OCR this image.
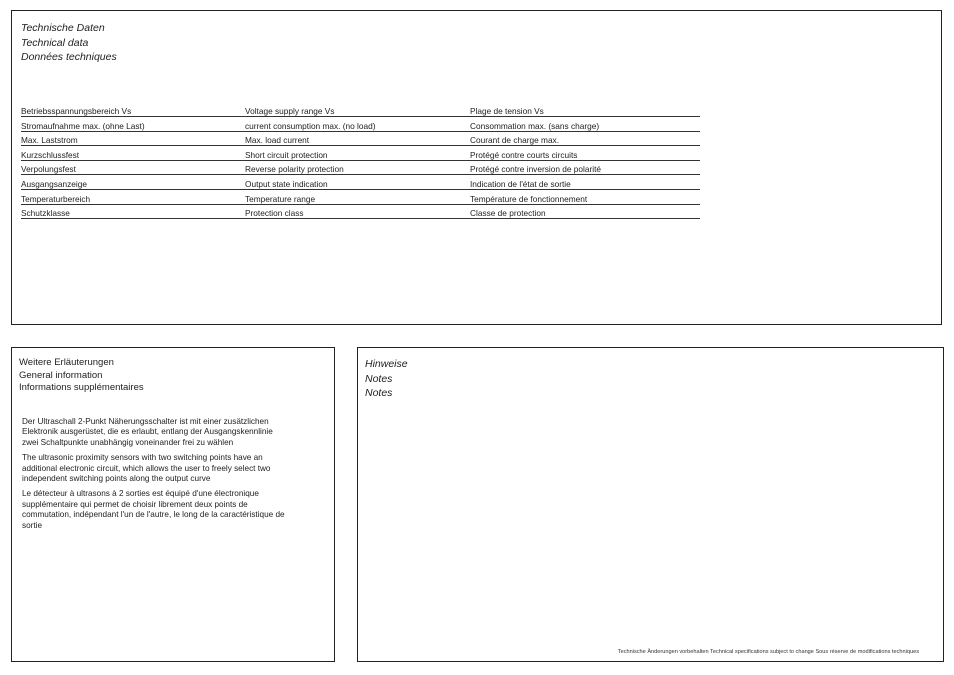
Technische Daten
Technical data
Données techniques
Betriebsspannungsbereich Vs	Voltage supply range Vs	Plage de tension Vs
Stromaufnahme max. (ohne Last)	current consumption max. (no load)	Consommation max. (sans charge)
Max. Laststrom	Max. load current	Courant de charge max.
Kurzschlussfest	Short circuit protection	Protégé contre courts circuits
Verpolungsfest	Reverse polarity protection	Protégé contre inversion de polarité
Ausgangsanzeige	Output state indication	Indication de l'état de sortie
Temperaturbereich	Temperature range	Température de fonctionnement
Schutzklasse	Protection class	Classe de protection
Weitere Erläuterungen
General information
Informations supplémentaires

Der Ultraschall 2-Punkt Näherungsschalter ist mit einer zusätzlichen Elektronik ausgerüstet, die es erlaubt, entlang der Ausgangskennlinie zwei Schaltpunkte unabhängig voneinander frei zu wählen

The ultrasonic proximity sensors with two switching points have an additional electronic circuit, which allows the user to freely select two independent switching points along the output curve

Le détecteur à ultrasons à 2 sorties est équipé d'une électronique supplémentaire qui permet de choisir librement deux points de commutation, indépendant l'un de l'autre, le long de la caractéristique de sortie

Hinweise
Notes
Notes
Technische Änderungen vorbehalten Technical specifications subject to change Sous réserve de modifications techniques
